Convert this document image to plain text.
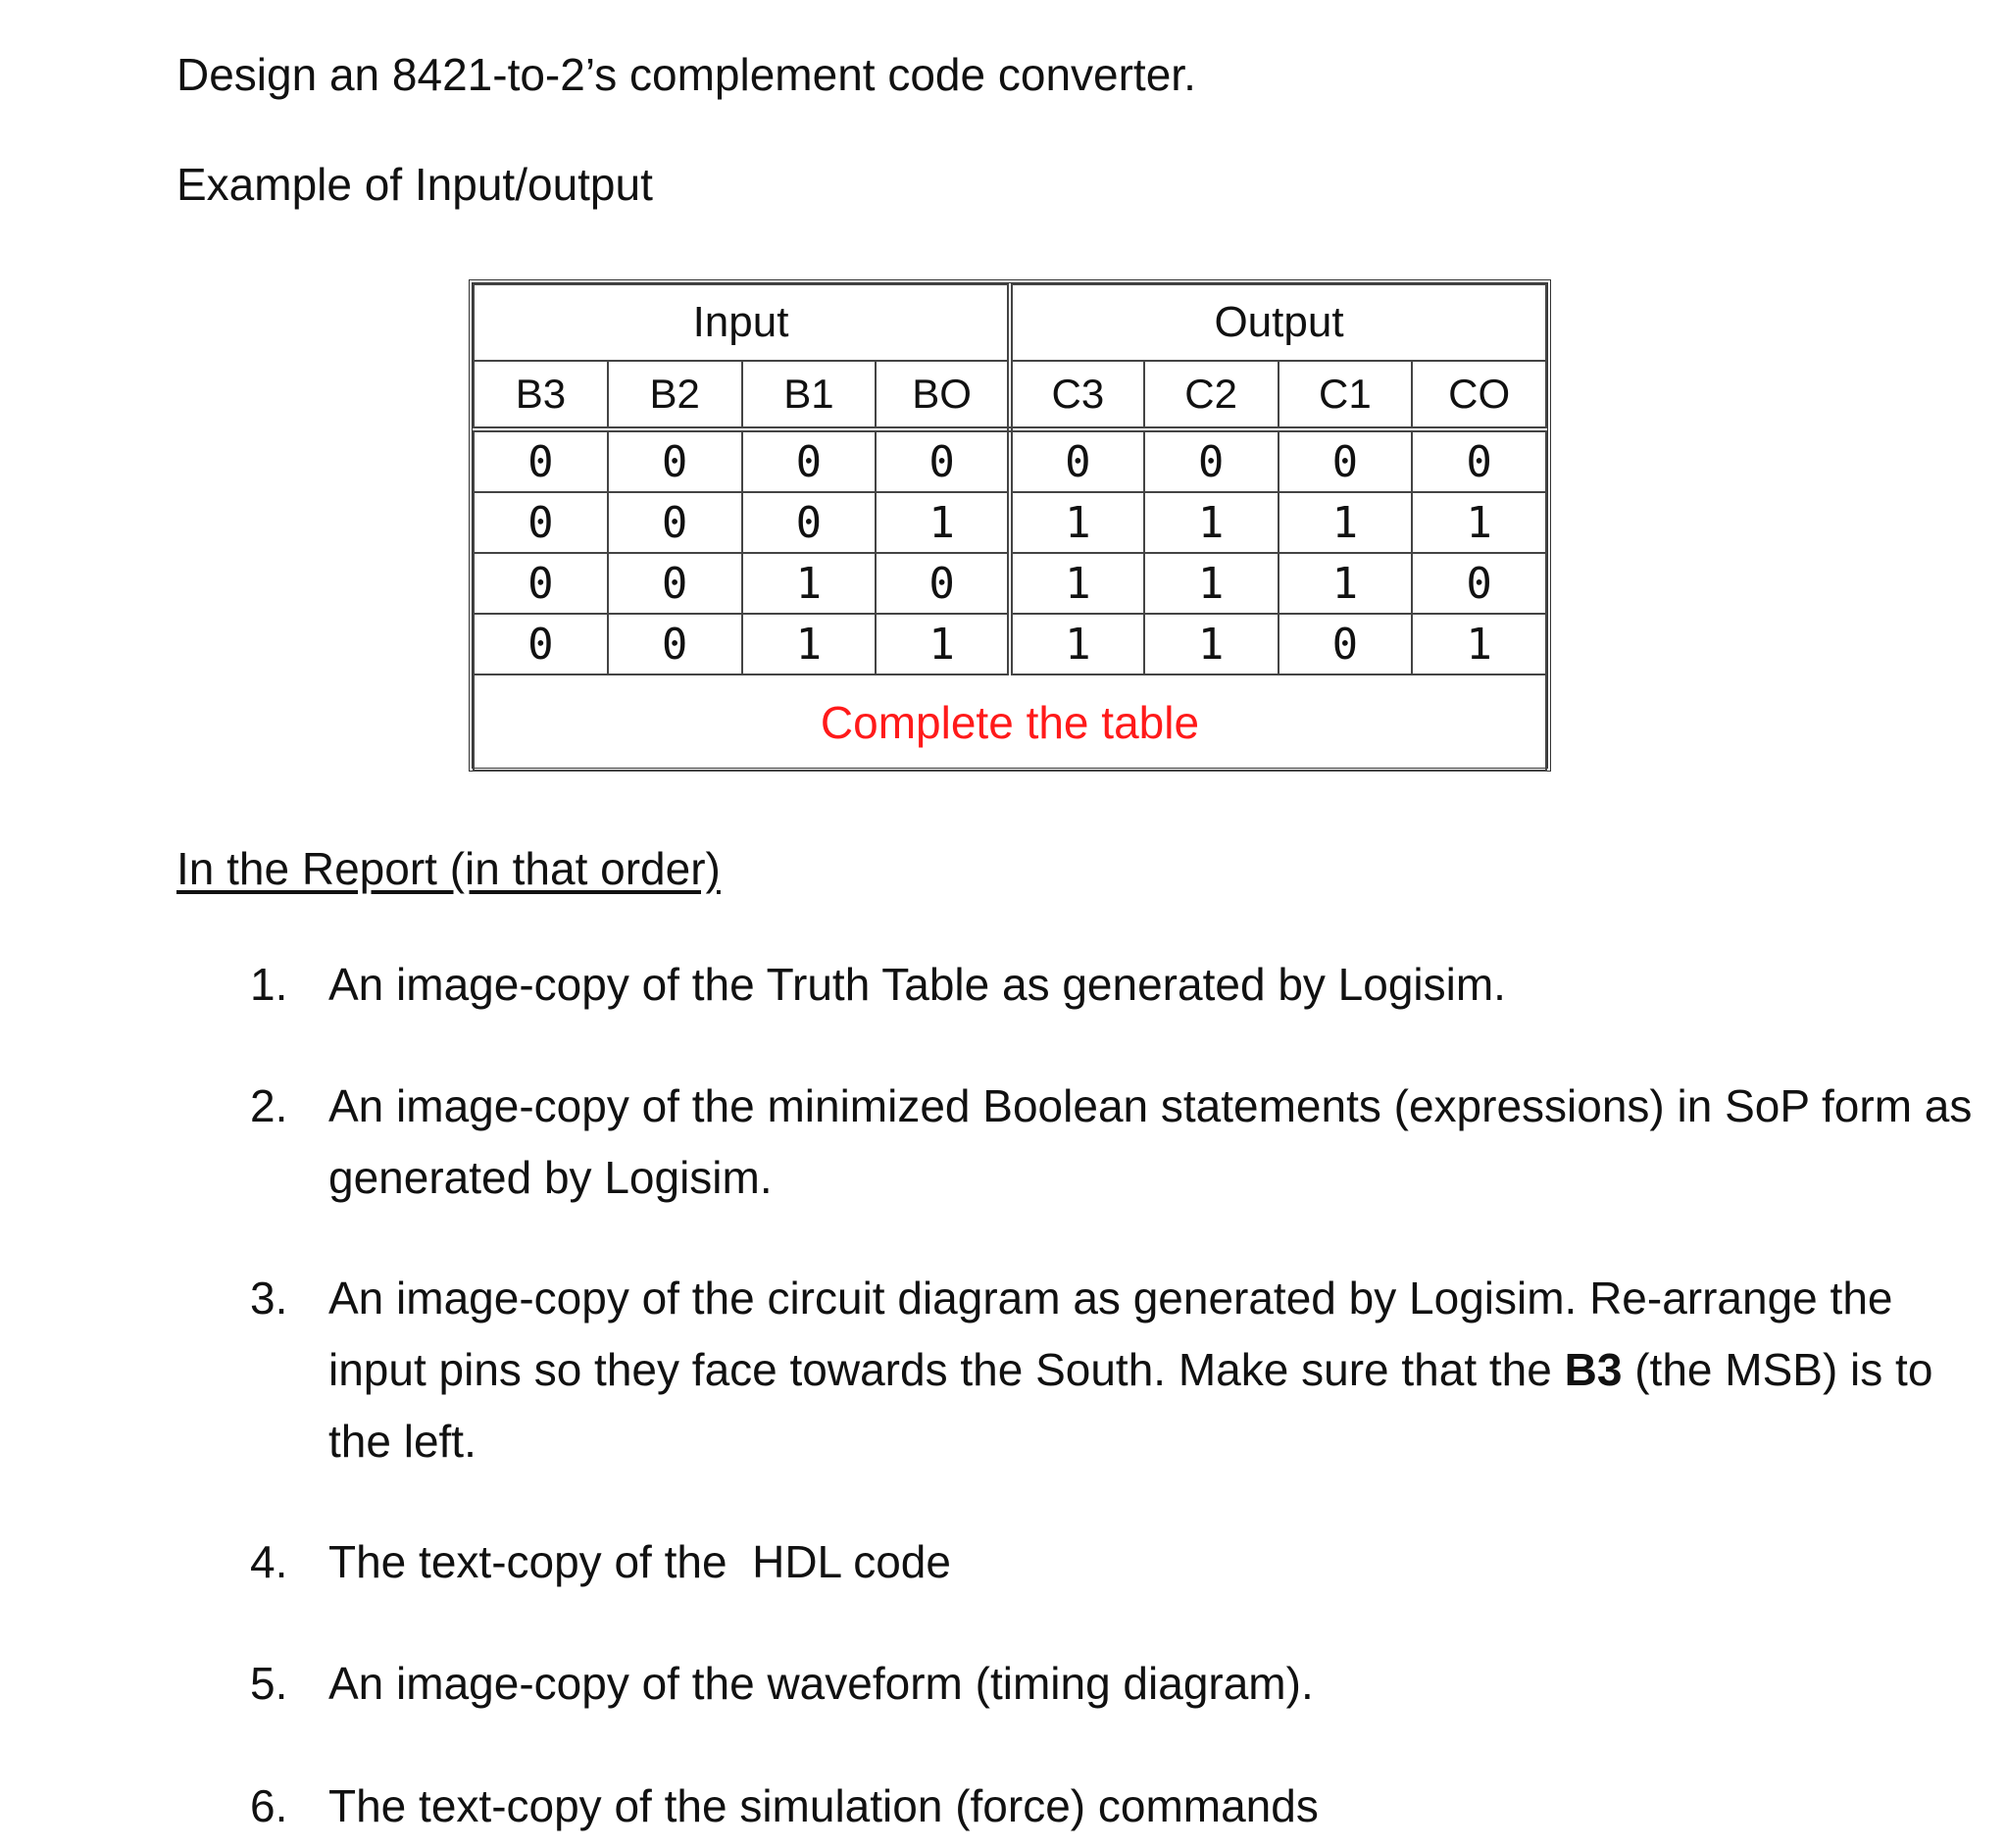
Design an 8421-to-2’s complement code converter.
Example of Input/output
Input				Output			
B3	B2	B1	BO	C3	C2	C1	CO
0	0	0	0	0	0	0	0
0	0	0	1	1	1	1	1
0	0	1	0	1	1	1	0
0	0	1	1	1	1	0	1
Complete the table							
In the Report (in that order)
1. An image-copy of the Truth Table as generated by Logisim.
2. An image-copy of the minimized Boolean statements (expressions) in SoP form as generated by Logisim.
3. An image-copy of the circuit diagram as generated by Logisim. Re-arrange the input pins so they face towards the South. Make sure that the B3 (the MSB) is to the left.
4. The text-copy of the  HDL code
5. An image-copy of the waveform (timing diagram).
6. The text-copy of the simulation (force) commands
